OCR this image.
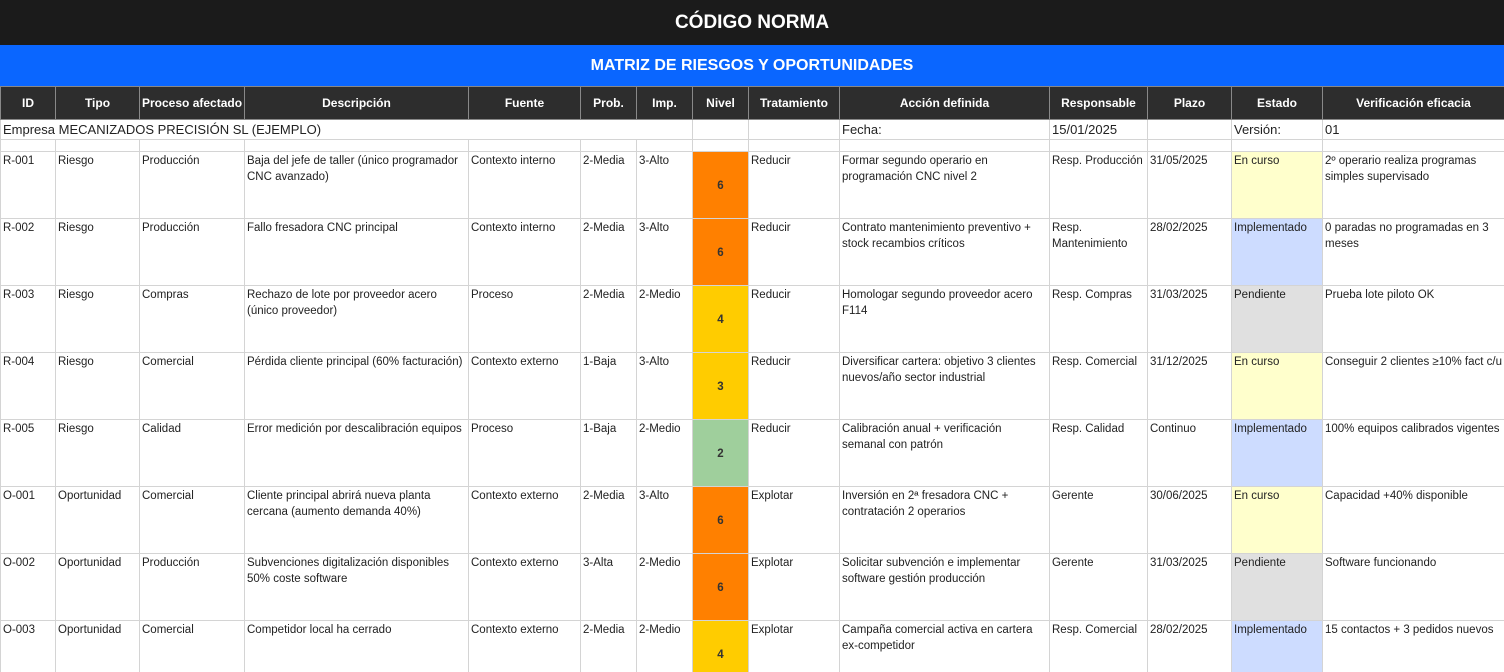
CÓDIGO NORMA
MATRIZ DE RIESGOS Y OPORTUNIDADES
Empresa MECANIZADOS PRECISIÓN SL (EJEMPLO)									Fecha:	15/01/2025		Versión:	01

ID	Tipo	Proceso afectado	Descripción	Fuente	Prob.	Imp.	Nivel	Tratamiento	Acción definida	Responsable	Plazo	Estado	Verificación eficacia
R-001	Riesgo	Producción	Baja del jefe de taller (único programador CNC avanzado)	Contexto interno	2-Media	3-Alto	6	Reducir	Formar segundo operario en programación CNC nivel 2	Resp. Producción	31/05/2025	En curso	2º operario realiza programas simples supervisado
R-002	Riesgo	Producción	Fallo fresadora CNC principal	Contexto interno	2-Media	3-Alto	6	Reducir	Contrato mantenimiento preventivo + stock recambios críticos	Resp. Mantenimiento	28/02/2025	Implementado	0 paradas no programadas en 3 meses
R-003	Riesgo	Compras	Rechazo de lote por proveedor acero (único proveedor)	Proceso	2-Media	2-Medio	4	Reducir	Homologar segundo proveedor acero F114	Resp. Compras	31/03/2025	Pendiente	Prueba lote piloto OK
R-004	Riesgo	Comercial	Pérdida cliente principal (60% facturación)	Contexto externo	1-Baja	3-Alto	3	Reducir	Diversificar cartera: objetivo 3 clientes nuevos/año sector industrial	Resp. Comercial	31/12/2025	En curso	Conseguir 2 clientes ≥10% fact c/u
R-005	Riesgo	Calidad	Error medición por descalibración equipos	Proceso	1-Baja	2-Medio	2	Reducir	Calibración anual + verificación semanal con patrón	Resp. Calidad	Continuo	Implementado	100% equipos calibrados vigentes
O-001	Oportunidad	Comercial	Cliente principal abrirá nueva planta cercana (aumento demanda 40%)	Contexto externo	2-Media	3-Alto	6	Explotar	Inversión en 2ª fresadora CNC + contratación 2 operarios	Gerente	30/06/2025	En curso	Capacidad +40% disponible
O-002	Oportunidad	Producción	Subvenciones digitalización disponibles 50% coste software	Contexto externo	3-Alta	2-Medio	6	Explotar	Solicitar subvención e implementar software gestión producción	Gerente	31/03/2025	Pendiente	Software funcionando
O-003	Oportunidad	Comercial	Competidor local ha cerrado	Contexto externo	2-Media	2-Medio	4	Explotar	Campaña comercial activa en cartera ex-competidor	Resp. Comercial	28/02/2025	Implementado	15 contactos + 3 pedidos nuevos
